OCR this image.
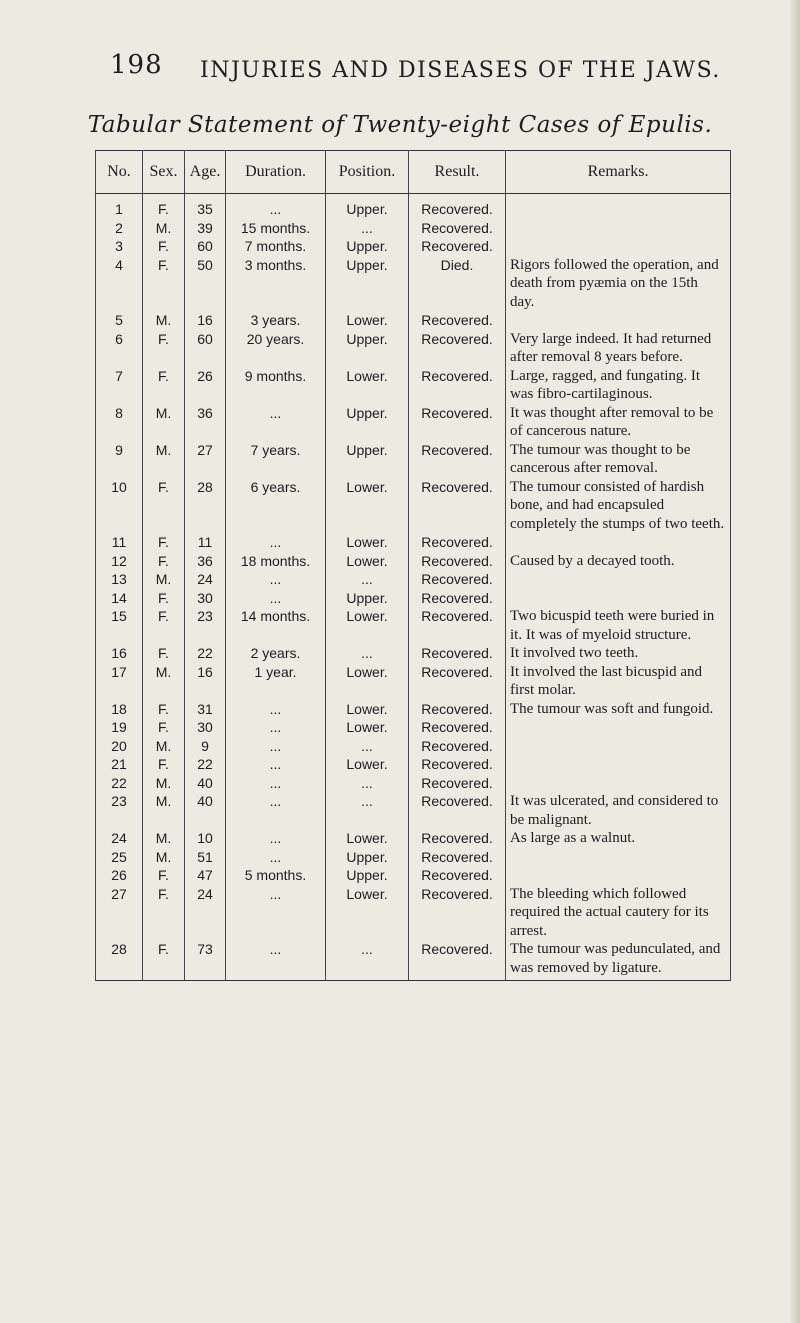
198 INJURIES AND DISEASES OF THE JAWS.
Tabular Statement of Twenty-eight Cases of Epulis.
No.	Sex.	Age.	Duration.	Position.	Result.	Remarks.
1	F.	35	...	Upper.	Recovered.	
2	M.	39	15 months.	...	Recovered.	
3	F.	60	7 months.	Upper.	Recovered.	
4	F.	50	3 months.	Upper.	Died.	Rigors followed the operation, and death from pyæmia on the 15th day.
5	M.	16	3 years.	Lower.	Recovered.	
6	F.	60	20 years.	Upper.	Recovered.	Very large indeed. It had returned after removal 8 years before.
7	F.	26	9 months.	Lower.	Recovered.	Large, ragged, and fungating. It was fibro-cartilaginous.
8	M.	36	...	Upper.	Recovered.	It was thought after removal to be of cancerous nature.
9	M.	27	7 years.	Upper.	Recovered.	The tumour was thought to be cancerous after removal.
10	F.	28	6 years.	Lower.	Recovered.	The tumour consisted of hardish bone, and had encapsuled completely the stumps of two teeth.
11	F.	11	...	Lower.	Recovered.	
12	F.	36	18 months.	Lower.	Recovered.	Caused by a decayed tooth.
13	M.	24	...	...	Recovered.	
14	F.	30	...	Upper.	Recovered.	
15	F.	23	14 months.	Lower.	Recovered.	Two bicuspid teeth were buried in it. It was of myeloid structure.
16	F.	22	2 years.	...	Recovered.	It involved two teeth.
17	M.	16	1 year.	Lower.	Recovered.	It involved the last bicuspid and first molar.
18	F.	31	...	Lower.	Recovered.	The tumour was soft and fungoid.
19	F.	30	...	Lower.	Recovered.	
20	M.	9	...	...	Recovered.	
21	F.	22	...	Lower.	Recovered.	
22	M.	40	...	...	Recovered.	
23	M.	40	...	...	Recovered.	It was ulcerated, and considered to be malignant.
24	M.	10	...	Lower.	Recovered.	As large as a walnut.
25	M.	51	...	Upper.	Recovered.	
26	F.	47	5 months.	Upper.	Recovered.	
27	F.	24	...	Lower.	Recovered.	The bleeding which followed required the actual cautery for its arrest.
28	F.	73	...	...	Recovered.	The tumour was pedunculated, and was removed by ligature.
